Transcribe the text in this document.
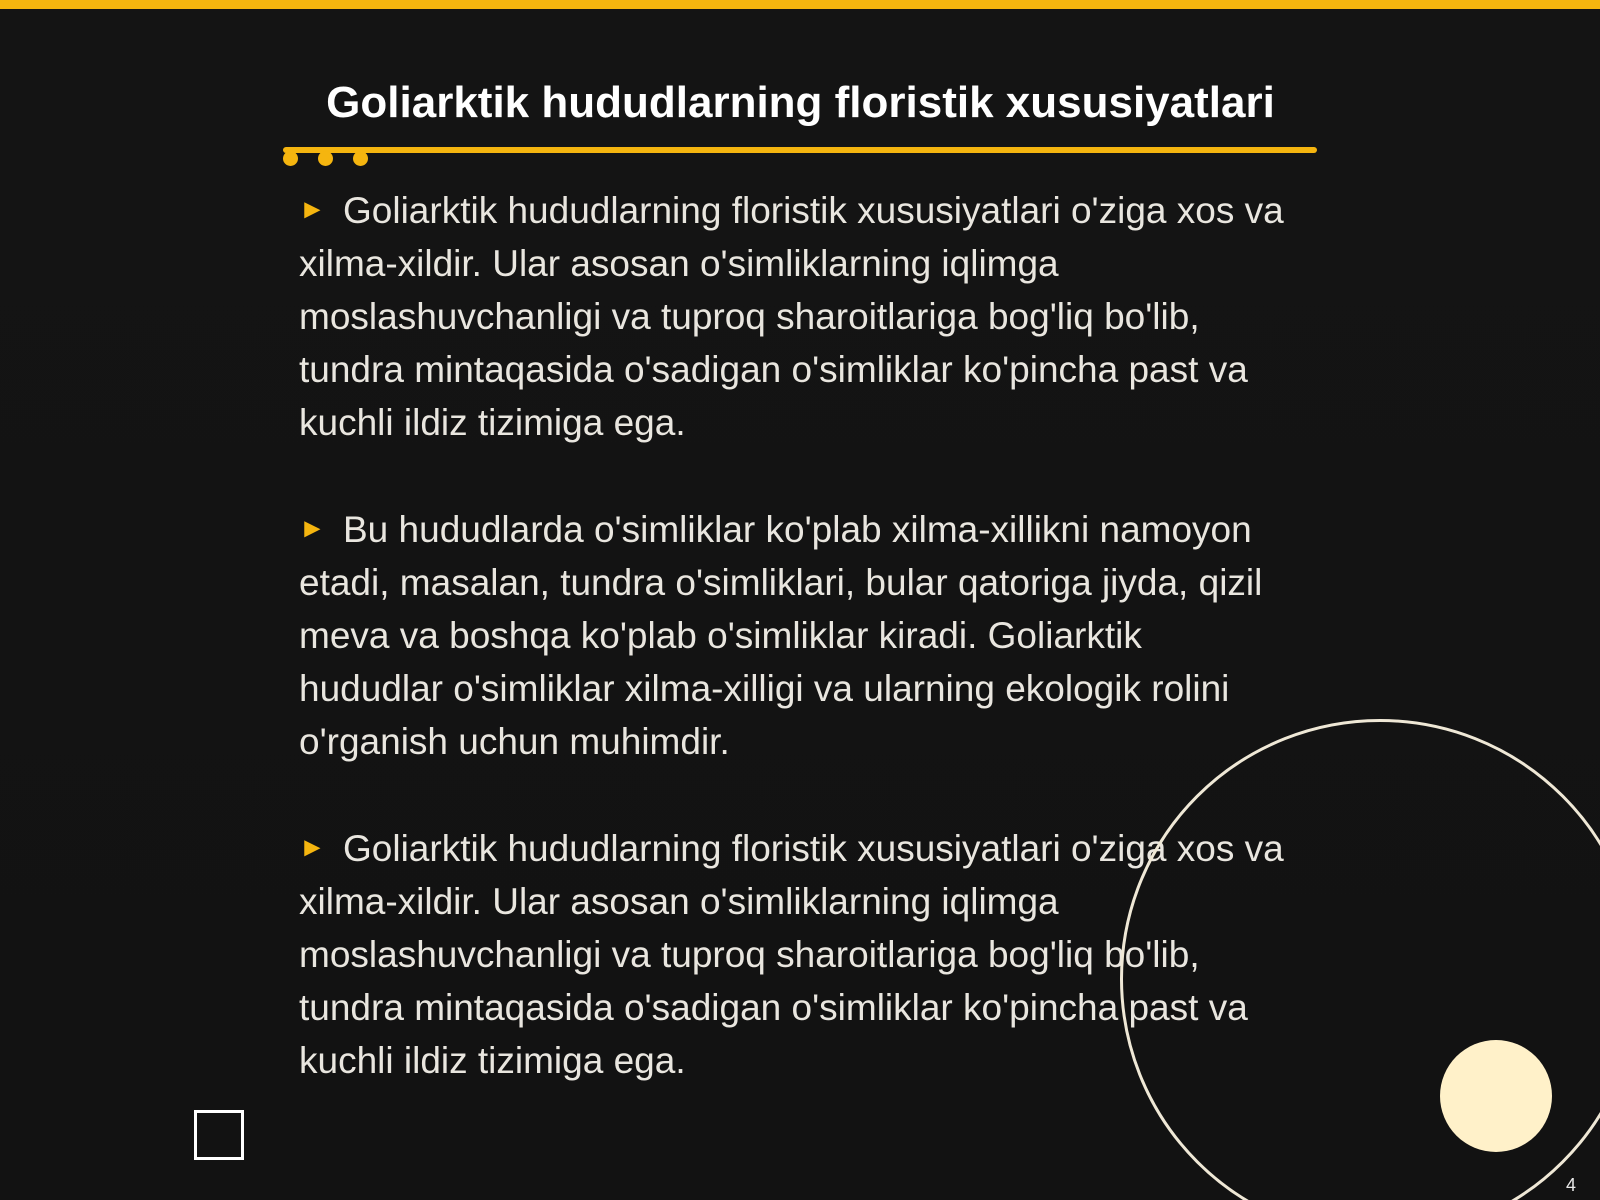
Goliarktik hududlarning floristik xususiyatlari

► Goliarktik hududlarning floristik xususiyatlari o'ziga xos va xilma-xildir. Ular asosan o'simliklarning iqlimga moslashuvchanligi va tuproq sharoitlariga bog'liq bo'lib, tundra mintaqasida o'sadigan o'simliklar ko'pincha past va kuchli ildiz tizimiga ega.

► Bu hududlarda o'simliklar ko'plab xilma-xillikni namoyon etadi, masalan, tundra o'simliklari, bular qatoriga jiyda, qizil meva va boshqa ko'plab o'simliklar kiradi. Goliarktik hududlar o'simliklar xilma-xilligi va ularning ekologik rolini o'rganish uchun muhimdir.

► Goliarktik hududlarning floristik xususiyatlari o'ziga xos va xilma-xildir. Ular asosan o'simliklarning iqlimga moslashuvchanligi va tuproq sharoitlariga bog'liq bo'lib, tundra mintaqasida o'sadigan o'simliklar ko'pincha past va kuchli ildiz tizimiga ega.

4
